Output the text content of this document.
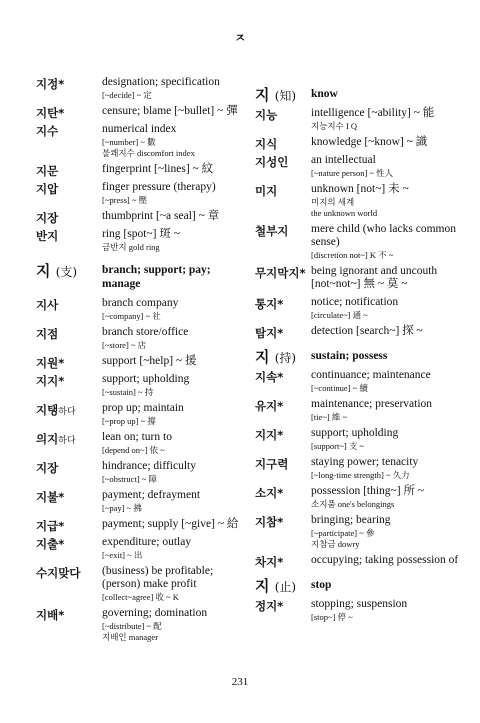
ㅈ
지정*	designation; specification
[~decide] ~ 定
지탄*	censure; blame [~bullet] ~ 彈
지수	numerical index
[~number] ~ 數
불쾌지수 discomfort index
지문	fingerprint [~lines] ~ 紋
지압	finger pressure (therapy)
[~press] ~ 壓
지장	thumbprint [~a seal] ~ 章
반지	ring [spot~] 斑 ~
금반지 gold ring
지 (支) branch; support; pay; manage
지사	branch company
[~company] ~ 社
지점	branch store/office
[~store] ~ 店
지원*	support [~help] ~ 援
지지*	support; upholding
[~sustain] ~ 持
지탱하다 prop up; maintain
[~prop up] ~ 撐
의지하다 lean on; turn to
[depend on~] 依 ~
지장	hindrance; difficulty
[~obstruct] ~ 障
지불*	payment; defrayment
[~pay] ~ 拂
지급*	payment; supply [~give] ~ 給
지출*	expenditure; outlay
[~exit] ~ 出
수지맞다 (business) be profitable; (person) make profit
[collect~agree] 收 ~ K
지배*	governing; domination
[~distribute] ~ 配
지배인 manager
지 (知) know
지능	intelligence [~ability] ~ 能
지능지수 I Q
지식	knowledge [~know] ~ 識
지성인 an intellectual
[~nature person] ~ 性人
미지	unknown [not~] 未 ~
미지의 세계
the unknown world
철부지 mere child (who lacks common sense)
[discretion not~] K 不 ~
무지막지* being ignorant and uncouth [not~not~] 無 ~ 莫 ~
통지* notice; notification
[circulate~] 通 ~
탐지* detection [search~] 探 ~
지 (持) sustain; possess
지속* continuance; maintenance
[~continue] ~ 續
유지* maintenance; preservation
[tie~] 維 ~
지지* support; upholding
[support~] 支 ~
지구력 staying power; tenacity
[~long-time strength] ~ 久力
소지* possession [thing~] 所 ~
소지품 one's belongings
지참* bringing; bearing
[~participate] ~ 參
지참금 dowry
차지* occupying; taking possession of
지 (止) stop
정지* stopping; suspension
[stop~] 停 ~
231
